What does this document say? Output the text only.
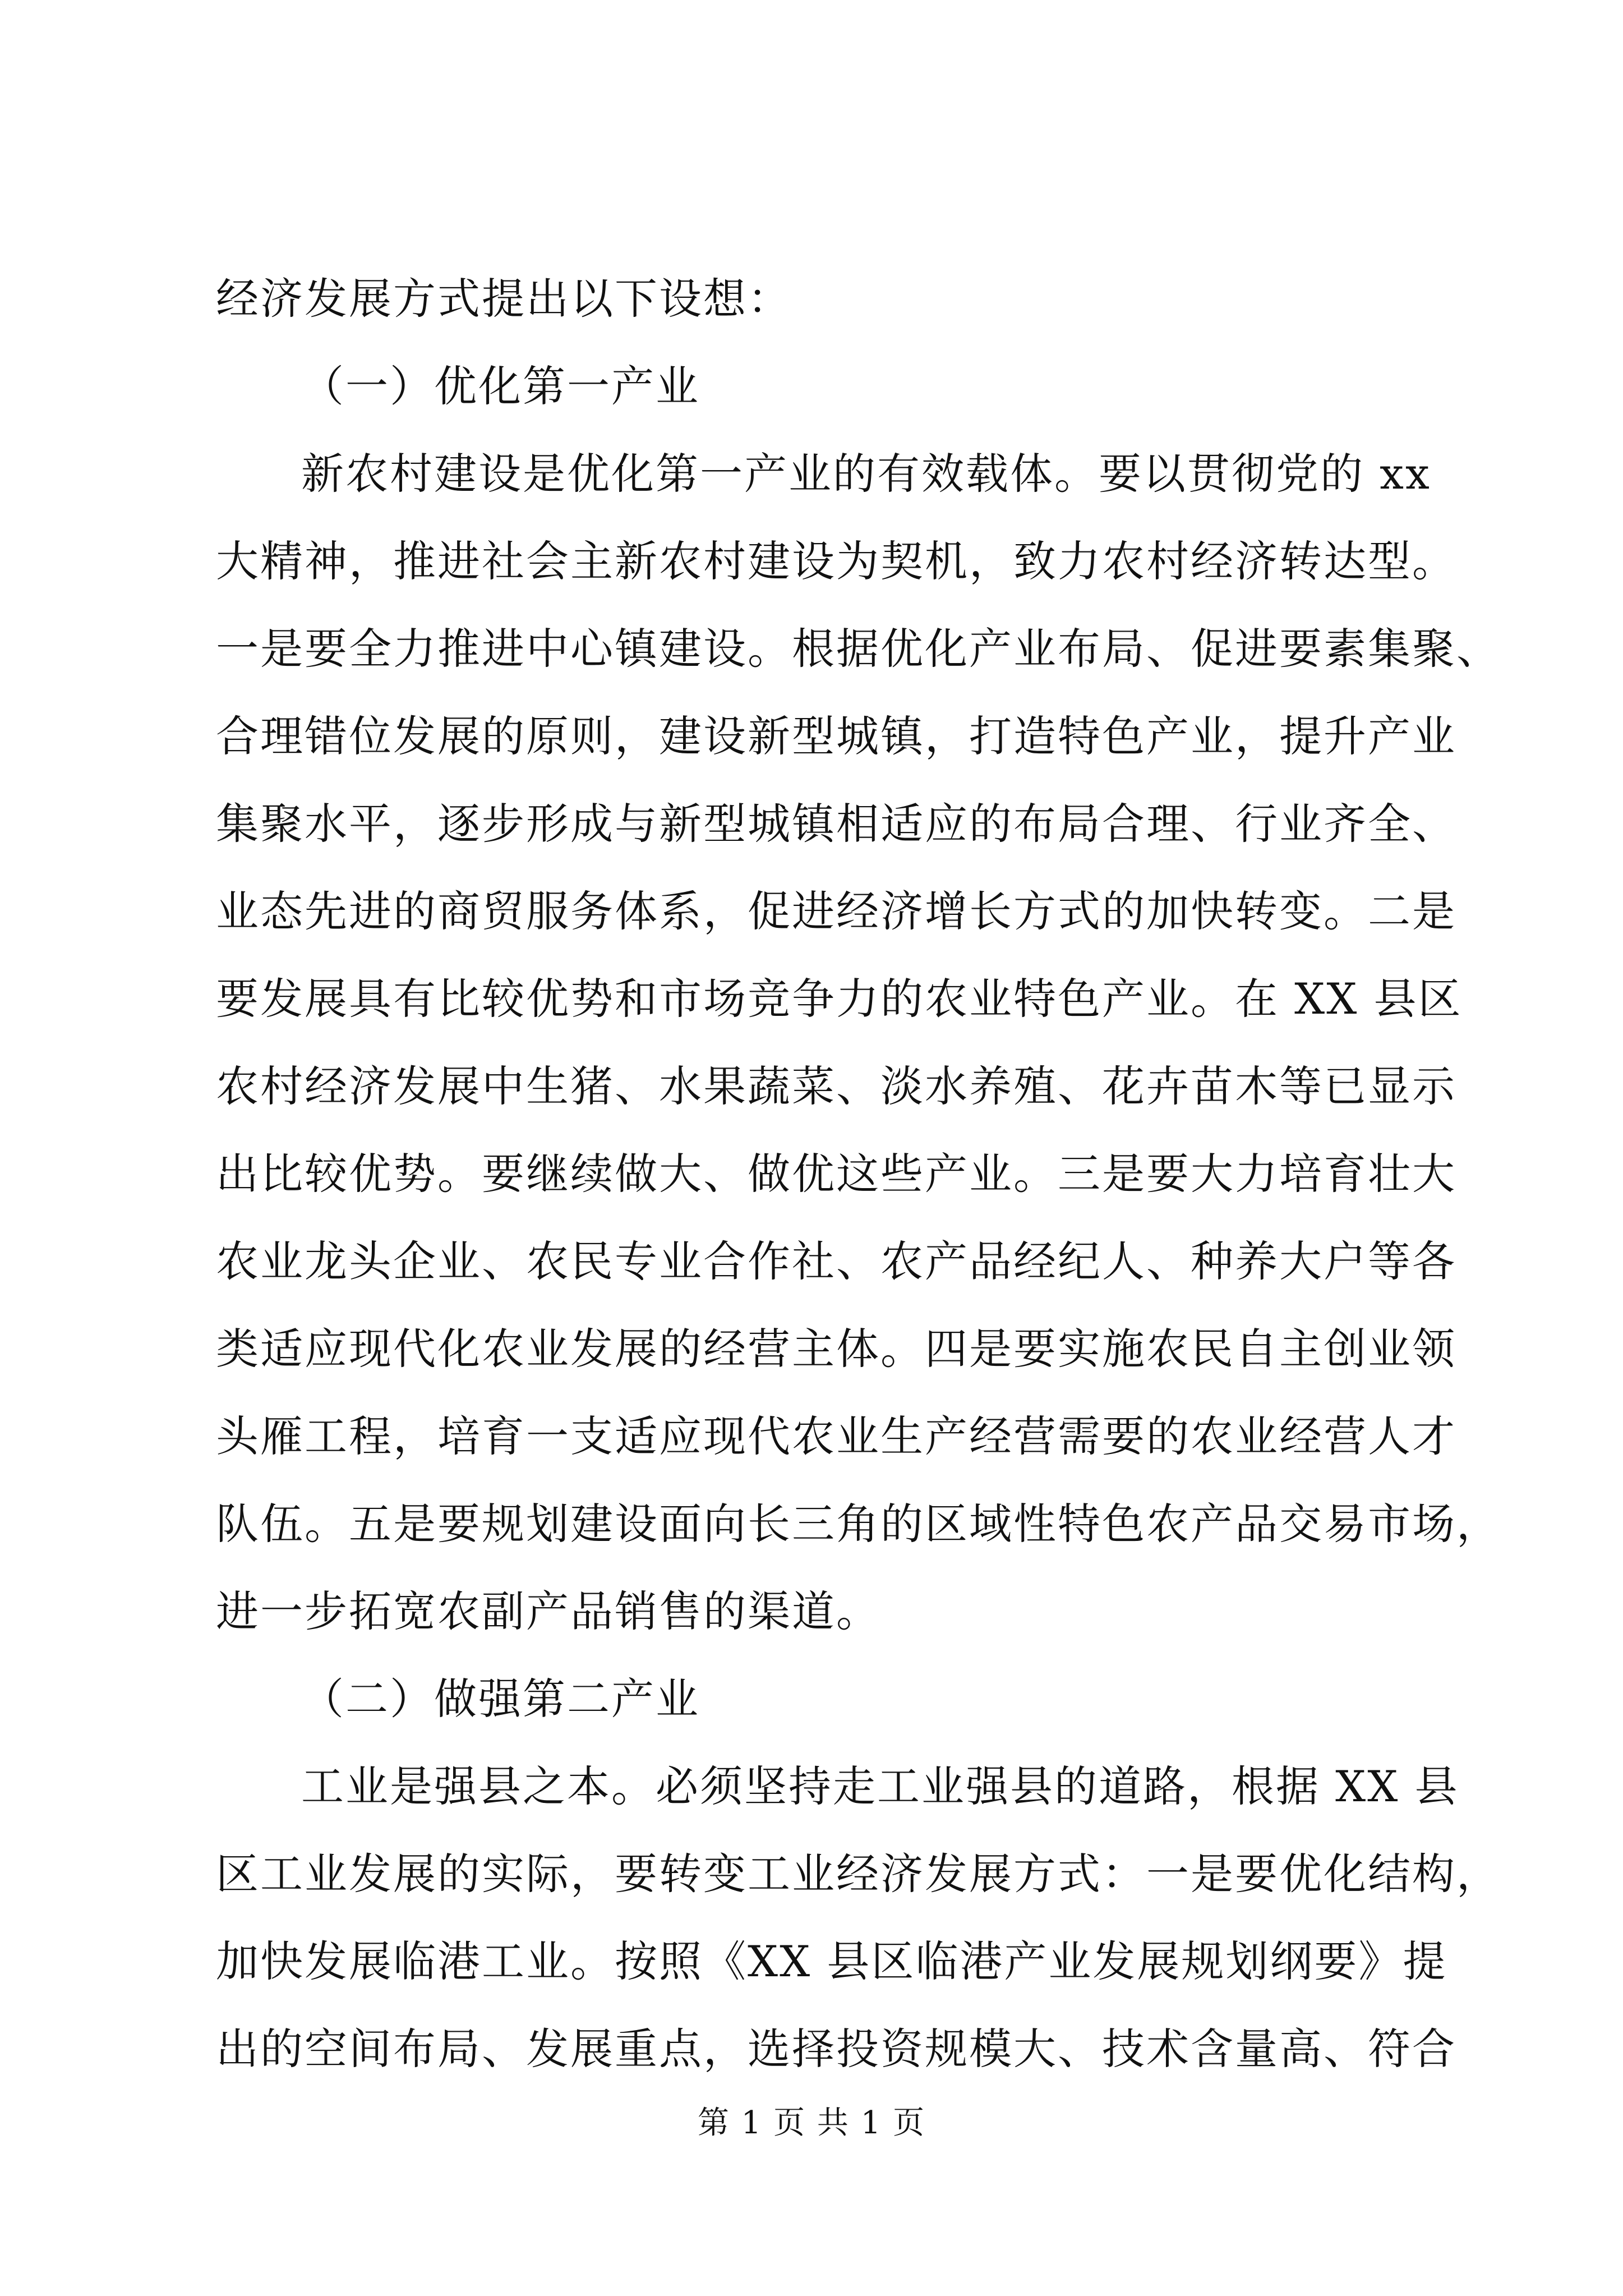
经济发展方式提出以下设想：
（一）优化第一产业
新农村建设是优化第一产业的有效载体。要以贯彻党的 xx
大精神，推进社会主新农村建设为契机，致力农村经济转达型。
一是要全力推进中心镇建设。根据优化产业布局、促进要素集聚、
合理错位发展的原则，建设新型城镇，打造特色产业，提升产业
集聚水平，逐步形成与新型城镇相适应的布局合理、行业齐全、
业态先进的商贸服务体系，促进经济增长方式的加快转变。二是
要发展具有比较优势和市场竞争力的农业特色产业。在 XX 县区
农村经济发展中生猪、水果蔬菜、淡水养殖、花卉苗木等已显示
出比较优势。要继续做大、做优这些产业。三是要大力培育壮大
农业龙头企业、农民专业合作社、农产品经纪人、种养大户等各
类适应现代化农业发展的经营主体。四是要实施农民自主创业领
头雁工程，培育一支适应现代农业生产经营需要的农业经营人才
队伍。五是要规划建设面向长三角的区域性特色农产品交易市场，
进一步拓宽农副产品销售的渠道。
（二）做强第二产业
工业是强县之本。必须坚持走工业强县的道路，根据 XX 县
区工业发展的实际，要转变工业经济发展方式：一是要优化结构，
加快发展临港工业。按照《XX 县区临港产业发展规划纲要》提
出的空间布局、发展重点，选择投资规模大、技术含量高、符合
第 1 页 共 1 页
